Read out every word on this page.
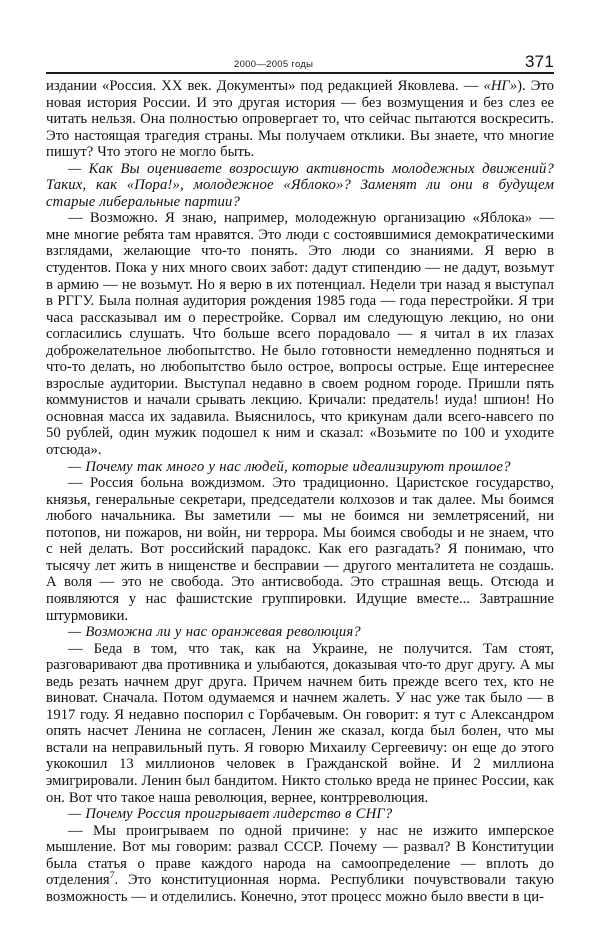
2000—2005 годы	371

издании «Россия. XX век. Документы» под редакцией Яковлева. — «НГ»). Это новая история России. И это другая история — без возмущения и без слез ее читать нельзя. Она полностью опровергает то, что сейчас пытаются воскресить. Это настоящая трагедия страны. Мы получаем отклики. Вы знаете, что многие пишут? Что этого не могло быть.

— Как Вы оцениваете возросшую активность молодежных движений? Таких, как «Пора!», молодежное «Яблоко»? Заменят ли они в будущем старые либеральные партии?

— Возможно. Я знаю, например, молодежную организацию «Яблока» — мне многие ребята там нравятся. Это люди с состоявшимися демократическими взглядами, желающие что-то понять. Это люди со знаниями. Я верю в студентов. Пока у них много своих забот: дадут стипендию — не дадут, возьмут в армию — не возьмут. Но я верю в их потенциал. Недели три назад я выступал в РГГУ. Была полная аудитория рождения 1985 года — года перестройки. Я три часа рассказывал им о перестройке. Сорвал им следующую лекцию, но они согласились слушать. Что больше всего порадовало — я читал в их глазах доброжелательное любопытство. Не было готовности немедленно подняться и что-то делать, но любопытство было острое, вопросы острые. Еще интереснее взрослые аудитории. Выступал недавно в своем родном городе. Пришли пять коммунистов и начали срывать лекцию. Кричали: предатель! иуда! шпион! Но основная масса их задавила. Выяснилось, что крикунам дали всего-навсего по 50 рублей, один мужик подошел к ним и сказал: «Возьмите по 100 и уходите отсюда».

— Почему так много у нас людей, которые идеализируют прошлое?

— Россия больна вождизмом. Это традиционно. Царистское государство, князья, генеральные секретари, председатели колхозов и так далее. Мы боимся любого начальника. Вы заметили — мы не боимся ни землетрясений, ни потопов, ни пожаров, ни войн, ни террора. Мы боимся свободы и не знаем, что с ней делать. Вот российский парадокс. Как его разгадать? Я понимаю, что тысячу лет жить в нищенстве и бесправии — другого менталитета не создашь. А воля — это не свобода. Это антисвобода. Это страшная вещь. Отсюда и появляются у нас фашистские группировки. Идущие вместе... Завтрашние штурмовики.

— Возможна ли у нас оранжевая революция?

— Беда в том, что так, как на Украине, не получится. Там стоят, разговаривают два противника и улыбаются, доказывая что-то друг другу. А мы ведь резать начнем друг друга. Причем начнем бить прежде всего тех, кто не виноват. Сначала. Потом одумаемся и начнем жалеть. У нас уже так было — в 1917 году. Я недавно поспорил с Горбачевым. Он говорит: я тут с Александром опять насчет Ленина не согласен, Ленин же сказал, когда был болен, что мы встали на неправильный путь. Я говорю Михаилу Сергеевичу: он еще до этого укокошил 13 миллионов человек в Гражданской войне. И 2 миллиона эмигрировали. Ленин был бандитом. Никто столько вреда не принес России, как он. Вот что такое наша революция, вернее, контрреволюция.

— Почему Россия проигрывает лидерство в СНГ?

— Мы проигрываем по одной причине: у нас не изжито имперское мышление. Вот мы говорим: развал СССР. Почему — развал? В Конституции была статья о праве каждого народа на самоопределение — вплоть до отделения$^7$. Это конституционная норма. Республики почувствовали такую возможность — и отделились. Конечно, этот процесс можно было ввести в ци-
